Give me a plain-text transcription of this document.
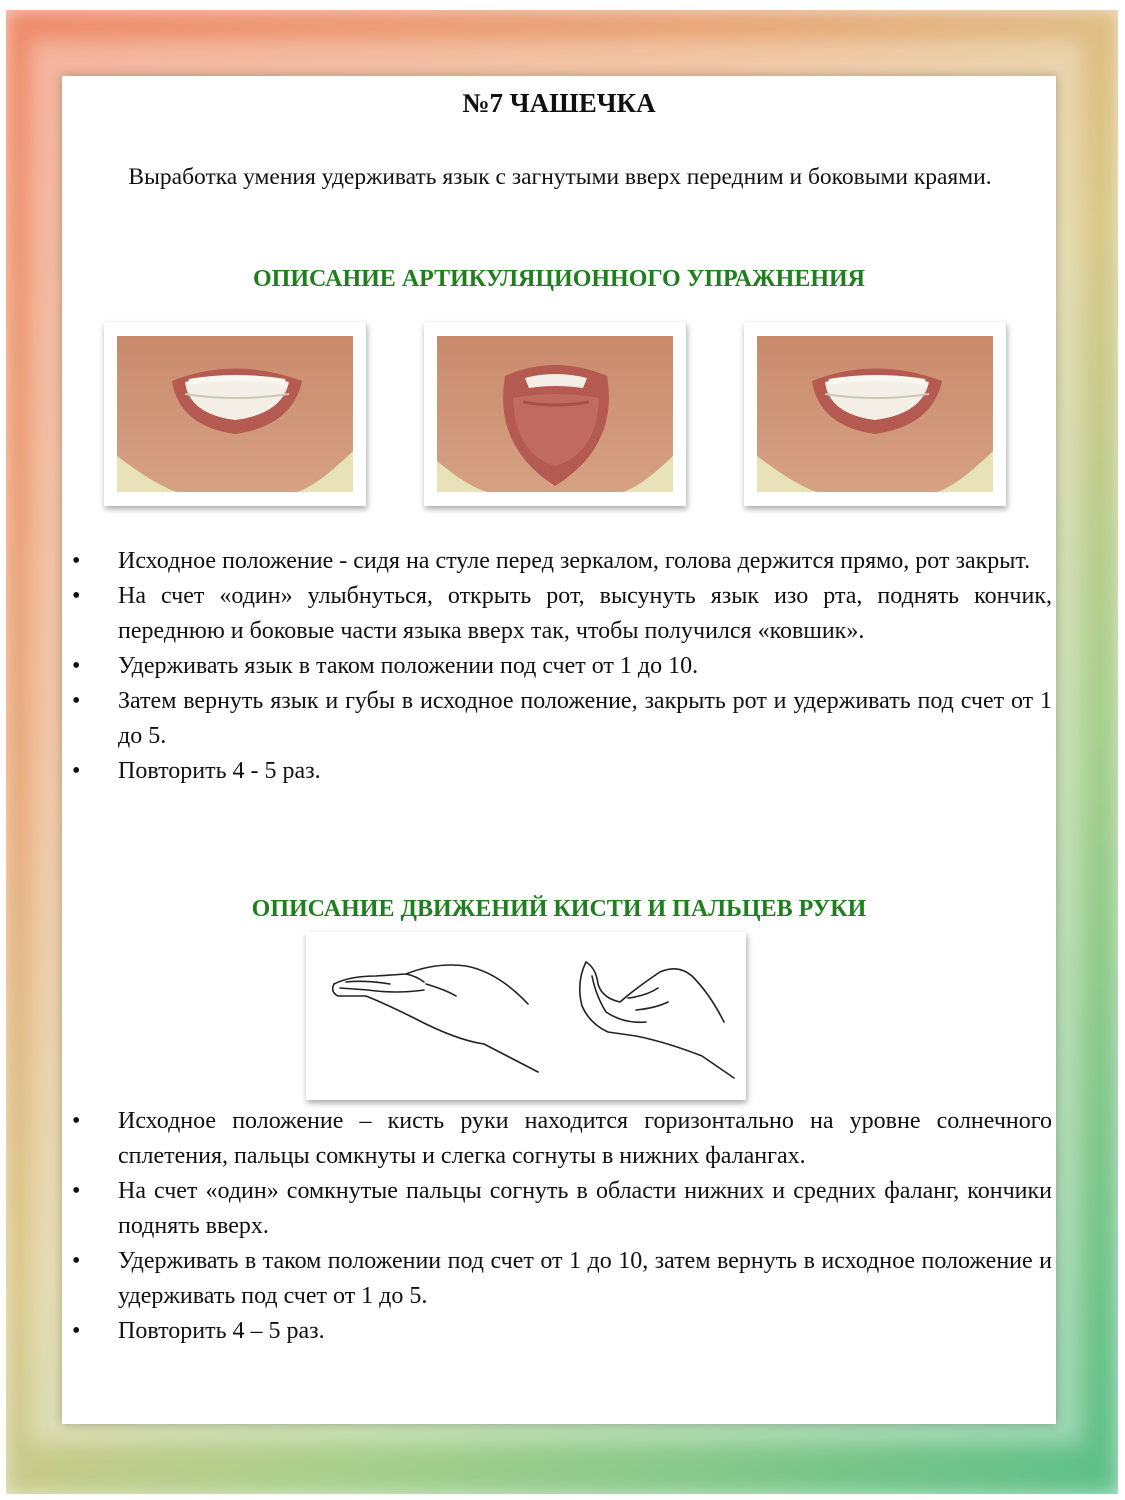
№7 ЧАШЕЧКА
Выработка умения удерживать язык с загнутыми вверх передним и боковыми краями.
ОПИСАНИЕ АРТИКУЛЯЦИОННОГО УПРАЖНЕНИЯ
•	Исходное положение - сидя на стуле перед зеркалом, голова держится прямо, рот закрыт.
•	На счет «один» улыбнуться, открыть рот, высунуть язык изо рта, поднять кончик, переднюю и боковые части языка вверх так, чтобы получился «ковшик».
•	Удерживать язык в таком положении под счет от 1 до 10.
•	Затем вернуть язык и губы в исходное положение, закрыть рот и удерживать под счет от 1 до 5.
•	Повторить 4 - 5 раз.
ОПИСАНИЕ ДВИЖЕНИЙ КИСТИ И ПАЛЬЦЕВ РУКИ
•	Исходное положение – кисть руки находится горизонтально на уровне солнечного сплетения, пальцы сомкнуты и слегка согнуты в нижних фалангах.
•	На счет «один» сомкнутые пальцы согнуть в области нижних и средних фаланг, кончики поднять вверх.
•	Удерживать в таком положении под счет от 1 до 10, затем вернуть в исходное положение и удерживать под счет от 1 до 5.
•	Повторить 4 – 5 раз.
